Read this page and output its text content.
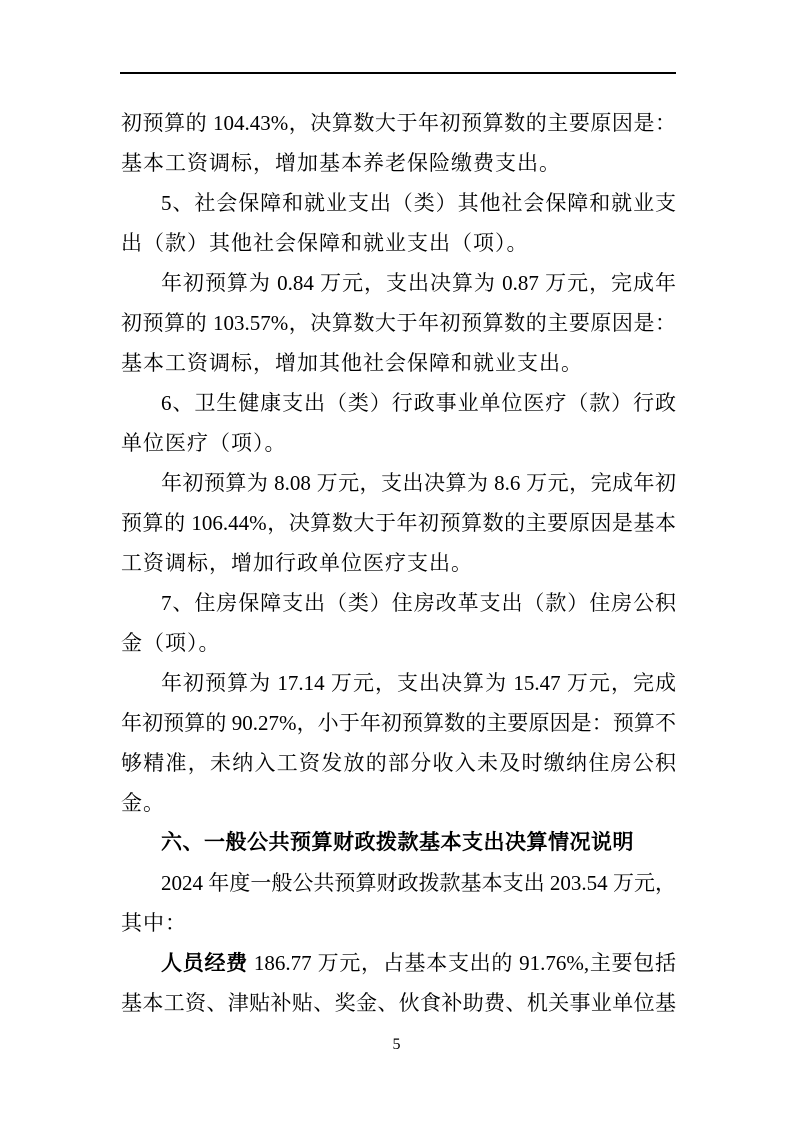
初预算的 104.43%，决算数大于年初预算数的主要原因是：
基本工资调标，增加基本养老保险缴费支出。
5、社会保障和就业支出（类）其他社会保障和就业支
出（款）其他社会保障和就业支出（项）。
年初预算为 0.84 万元，支出决算为 0.87 万元，完成年
初预算的 103.57%，决算数大于年初预算数的主要原因是：
基本工资调标，增加其他社会保障和就业支出。
6、卫生健康支出（类）行政事业单位医疗（款）行政
单位医疗（项）。
年初预算为 8.08 万元，支出决算为 8.6 万元，完成年初
预算的 106.44%，决算数大于年初预算数的主要原因是基本
工资调标，增加行政单位医疗支出。
7、住房保障支出（类）住房改革支出（款）住房公积
金（项）。
年初预算为 17.14 万元，支出决算为 15.47 万元，完成
年初预算的 90.27%，小于年初预算数的主要原因是：预算不
够精准，未纳入工资发放的部分收入未及时缴纳住房公积
金。
六、一般公共预算财政拨款基本支出决算情况说明
2024 年度一般公共预算财政拨款基本支出 203.54 万元，
其中：
人员经费 186.77 万元，占基本支出的 91.76%,主要包括
基本工资、津贴补贴、奖金、伙食补助费、机关事业单位基
5
